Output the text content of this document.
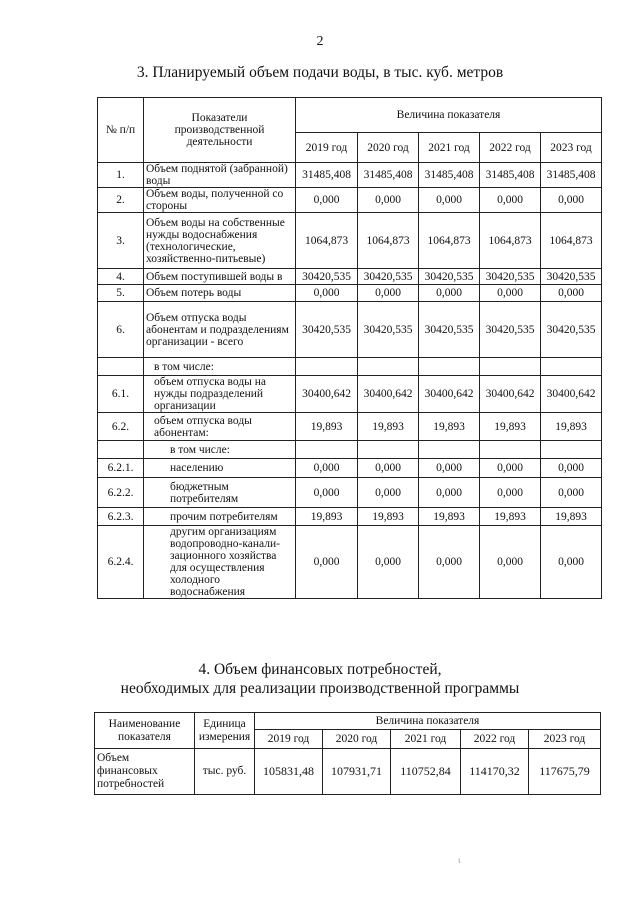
2
3. Планируемый объем подачи воды, в тыс. куб. метров
№ п/п	Показатели производственной деятельности	Величина показателя				
		2019 год	2020 год	2021 год	2022 год	2023 год
1.	Объем поднятой (забранной) воды	31485,408	31485,408	31485,408	31485,408	31485,408
2.	Объем воды, полученной со стороны	0,000	0,000	0,000	0,000	0,000
3.	Объем воды на собственные нужды водоснабжения (технологические, хозяйственно-питьевые)	1064,873	1064,873	1064,873	1064,873	1064,873
4.	Объем поступившей воды в	30420,535	30420,535	30420,535	30420,535	30420,535
5.	Объем потерь воды	0,000	0,000	0,000	0,000	0,000
6.	Объем отпуска воды абонентам и подразделениям организации - всего	30420,535	30420,535	30420,535	30420,535	30420,535
	в том числе:					
6.1.	объем отпуска воды на нужды подразделений организации	30400,642	30400,642	30400,642	30400,642	30400,642
6.2.	объем отпуска воды абонентам:	19,893	19,893	19,893	19,893	19,893
	в том числе:					
6.2.1.	населению	0,000	0,000	0,000	0,000	0,000
6.2.2.	бюджетным потребителям	0,000	0,000	0,000	0,000	0,000
6.2.3.	прочим потребителям	19,893	19,893	19,893	19,893	19,893
6.2.4.	другим организациям водопроводно-канали-зационного хозяйства для осуществления холодного водоснабжения	0,000	0,000	0,000	0,000	0,000
4. Объем финансовых потребностей,
необходимых для реализации производственной программы
Наименование показателя	Единица измерения	Величина показателя				
		2019 год	2020 год	2021 год	2022 год	2023 год
Объем финансовых потребностей	тыс. руб.	105831,48	107931,71	110752,84	114170,32	117675,79
ι
